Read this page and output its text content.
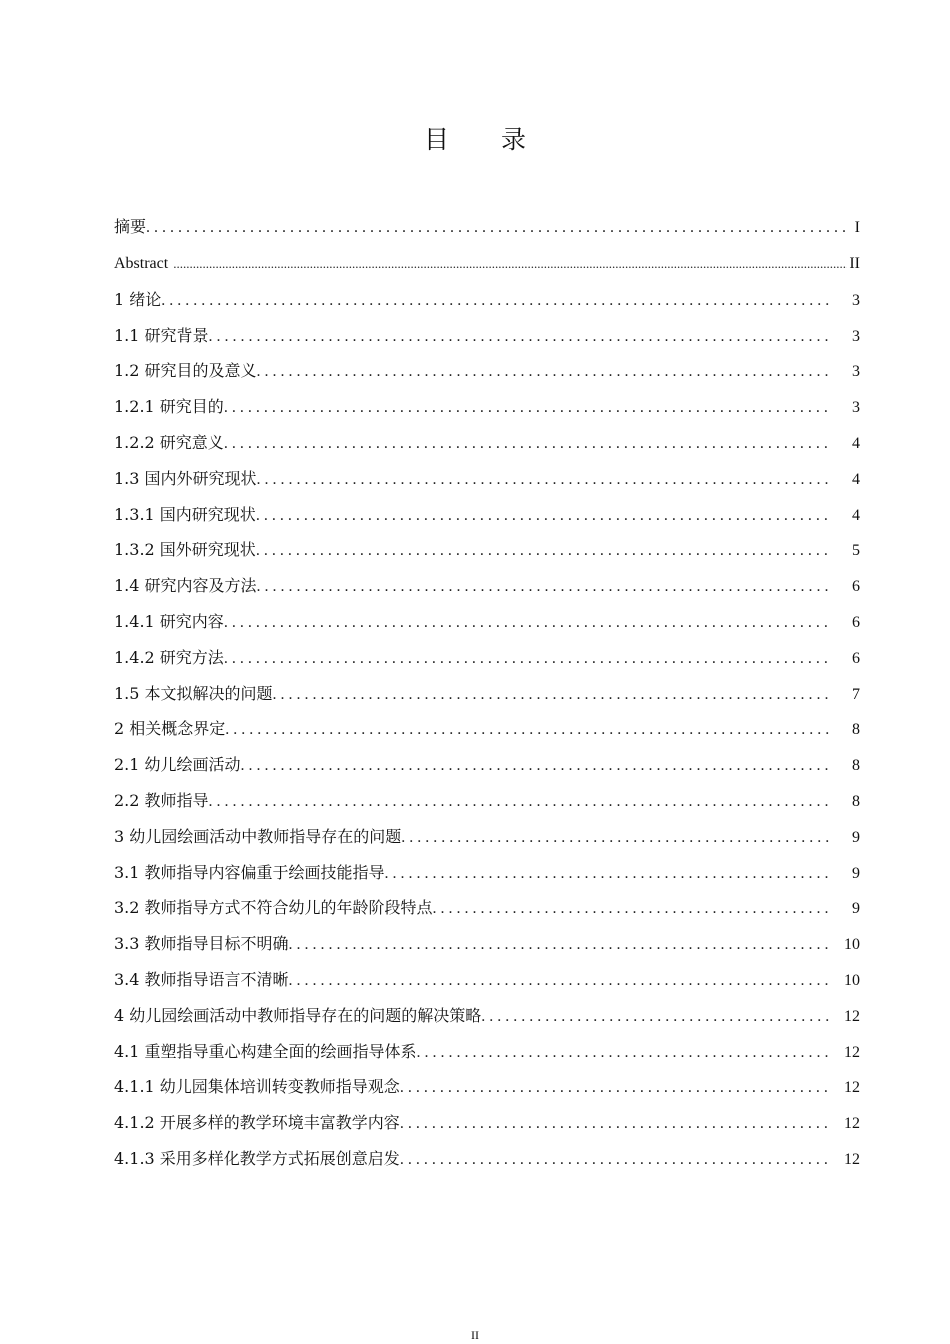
目 录
摘要 . . .	I
Abstract .....	II
1 绪论 . . .	3
1.1 研究背景 . . .	3
1.2 研究目的及意义 . . .	3
1.2.1 研究目的 . . .	3
1.2.2 研究意义 . . .	4
1.3 国内外研究现状 . . .	4
1.3.1 国内研究现状 . . .	4
1.3.2 国外研究现状 . . .	5
1.4 研究内容及方法 . . .	6
1.4.1 研究内容 . . .	6
1.4.2 研究方法 . . .	6
1.5 本文拟解决的问题 . . .	7
2 相关概念界定 . . .	8
2.1 幼儿绘画活动 . . .	8
2.2 教师指导 . . .	8
3 幼儿园绘画活动中教师指导存在的问题 . . .	9
3.1 教师指导内容偏重于绘画技能指导 . . .	9
3.2 教师指导方式不符合幼儿的年龄阶段特点 . . .	9
3.3 教师指导目标不明确 . . .	10
3.4 教师指导语言不清晰 . . .	10
4 幼儿园绘画活动中教师指导存在的问题的解决策略 . . .	12
4.1 重塑指导重心构建全面的绘画指导体系 . . .	12
4.1.1 幼儿园集体培训转变教师指导观念 . . .	12
4.1.2 开展多样的教学环境丰富教学内容 . . .	12
4.1.3 采用多样化教学方式拓展创意启发 . . .	12
II
